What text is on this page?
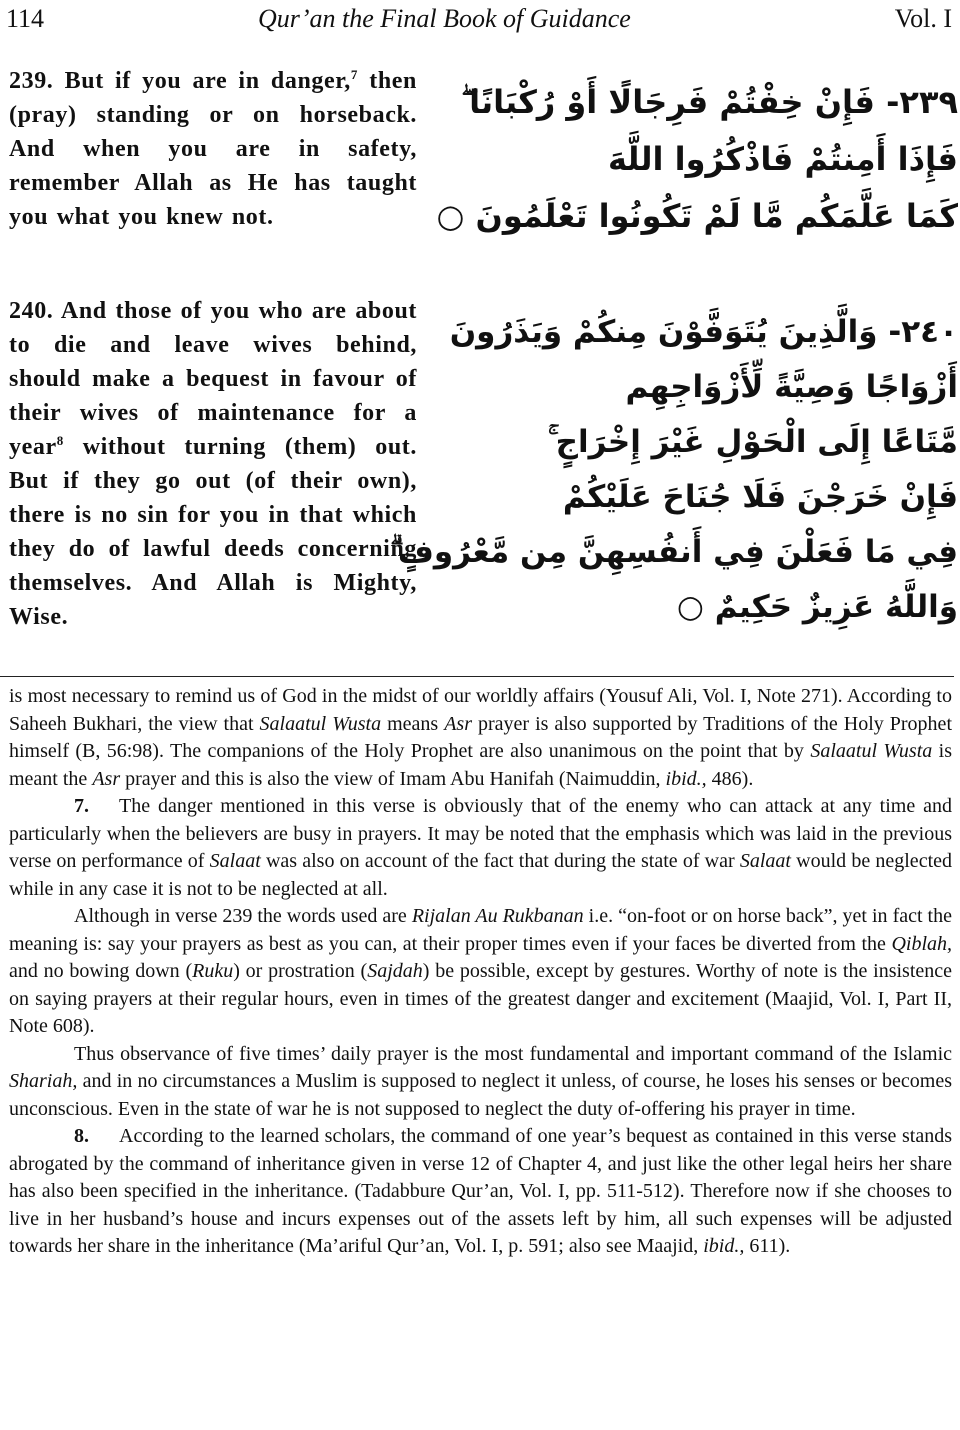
114	Qur’an the Final Book of Guidance	Vol. I
239. But if you are in danger,$^7$ then (pray) standing or on horseback. And when you are in safety, remember Allah as He has taught you what you knew not.
٢٣٩- فَإِنْ خِفْتُمْ فَرِجَالًا أَوْ رُكْبَانًا ۖ
فَإِذَا أَمِنتُمْ فَاذْكُرُوا اللَّهَ
كَمَا عَلَّمَكُم مَّا لَمْ تَكُونُوا تَعْلَمُونَ ○
240. And those of you who are about to die and leave wives behind, should make a bequest in favour of their wives of maintenance for a year$^8$ without turning (them) out. But if they go out (of their own), there is no sin for you in that which they do of lawful deeds concerning themselves. And Allah is Mighty, Wise.
٢٤٠- وَالَّذِينَ يُتَوَفَّوْنَ مِنكُمْ وَيَذَرُونَ
أَزْوَاجًا وَصِيَّةً لِّأَزْوَاجِهِم
مَّتَاعًا إِلَى الْحَوْلِ غَيْرَ إِخْرَاجٍ ۚ
فَإِنْ خَرَجْنَ فَلَا جُنَاحَ عَلَيْكُمْ
فِي مَا فَعَلْنَ فِي أَنفُسِهِنَّ مِن مَّعْرُوفٍ ۗ
وَاللَّهُ عَزِيزٌ حَكِيمٌ ○

is most necessary to remind us of God in the midst of our worldly affairs (Yousuf Ali, Vol. I, Note 271). According to Saheeh Bukhari, the view that Salaatul Wusta means Asr prayer is also supported by Traditions of the Holy Prophet himself (B, 56:98). The companions of the Holy Prophet are also unanimous on the point that by Salaatul Wusta is meant the Asr prayer and this is also the view of Imam Abu Hanifah (Naimuddin, ibid., 486).

7. The danger mentioned in this verse is obviously that of the enemy who can attack at any time and particularly when the believers are busy in prayers. It may be noted that the emphasis which was laid in the previous verse on performance of Salaat was also on account of the fact that during the state of war Salaat would be neglected while in any case it is not to be neglected at all.

Although in verse 239 the words used are Rijalan Au Rukbanan i.e. “on-foot or on horse back”, yet in fact the meaning is: say your prayers as best as you can, at their proper times even if your faces be diverted from the Qiblah, and no bowing down (Ruku) or prostration (Sajdah) be possible, except by gestures. Worthy of note is the insistence on saying prayers at their regular hours, even in times of the greatest danger and excitement (Maajid, Vol. I, Part II, Note 608).

Thus observance of five times’ daily prayer is the most fundamental and important command of the Islamic Shariah, and in no circumstances a Muslim is supposed to neglect it unless, of course, he loses his senses or becomes unconscious. Even in the state of war he is not supposed to neglect the duty of-offering his prayer in time.

8. According to the learned scholars, the command of one year’s bequest as contained in this verse stands abrogated by the command of inheritance given in verse 12 of Chapter 4, and just like the other legal heirs her share has also been specified in the inheritance. (Tadabbure Qur’an, Vol. I, pp. 511-512). Therefore now if she chooses to live in her husband’s house and incurs expenses out of the assets left by him, all such expenses will be adjusted towards her share in the inheritance (Ma’ariful Qur’an, Vol. I, p. 591; also see Maajid, ibid., 611).
